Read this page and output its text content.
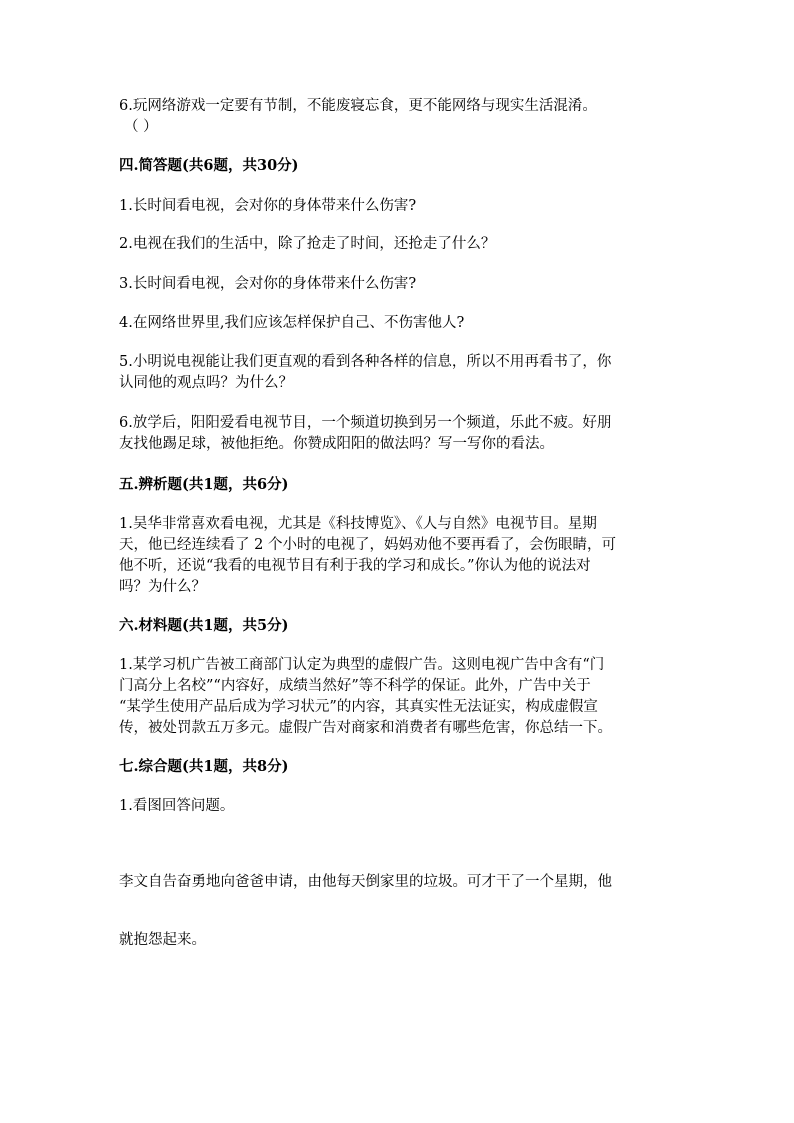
6.玩网络游戏一定要有节制，不能废寝忘食，更不能网络与现实生活混淆。
（ ）
四.简答题(共6题，共30分)
1.长时间看电视，会对你的身体带来什么伤害?
2.电视在我们的生活中，除了抢走了时间，还抢走了什么？
3.长时间看电视，会对你的身体带来什么伤害?
4.在网络世界里,我们应该怎样保护自己、不伤害他人?
5.小明说电视能让我们更直观的看到各种各样的信息，所以不用再看书了，你
认同他的观点吗？为什么？
6.放学后，阳阳爱看电视节目，一个频道切换到另一个频道，乐此不疲。好朋
友找他踢足球，被他拒绝。你赞成阳阳的做法吗？写一写你的看法。
五.辨析题(共1题，共6分)
1.吴华非常喜欢看电视，尤其是《科技博览》、《人与自然》电视节目。星期
天，他已经连续看了 2 个小时的电视了，妈妈劝他不要再看了，会伤眼睛，可
他不听，还说“我看的电视节目有利于我的学习和成长。”你认为他的说法对
吗？为什么？
六.材料题(共1题，共5分)
1.某学习机广告被工商部门认定为典型的虚假广告。这则电视广告中含有“门
门高分上名校”“内容好，成绩当然好”等不科学的保证。此外，广告中关于
“某学生使用产品后成为学习状元”的内容，其真实性无法证实，构成虚假宣
传，被处罚款五万多元。虚假广告对商家和消费者有哪些危害，你总结一下。
七.综合题(共1题，共8分)
1.看图回答问题。
李文自告奋勇地向爸爸申请，由他每天倒家里的垃圾。可才干了一个星期，他
就抱怨起来。
